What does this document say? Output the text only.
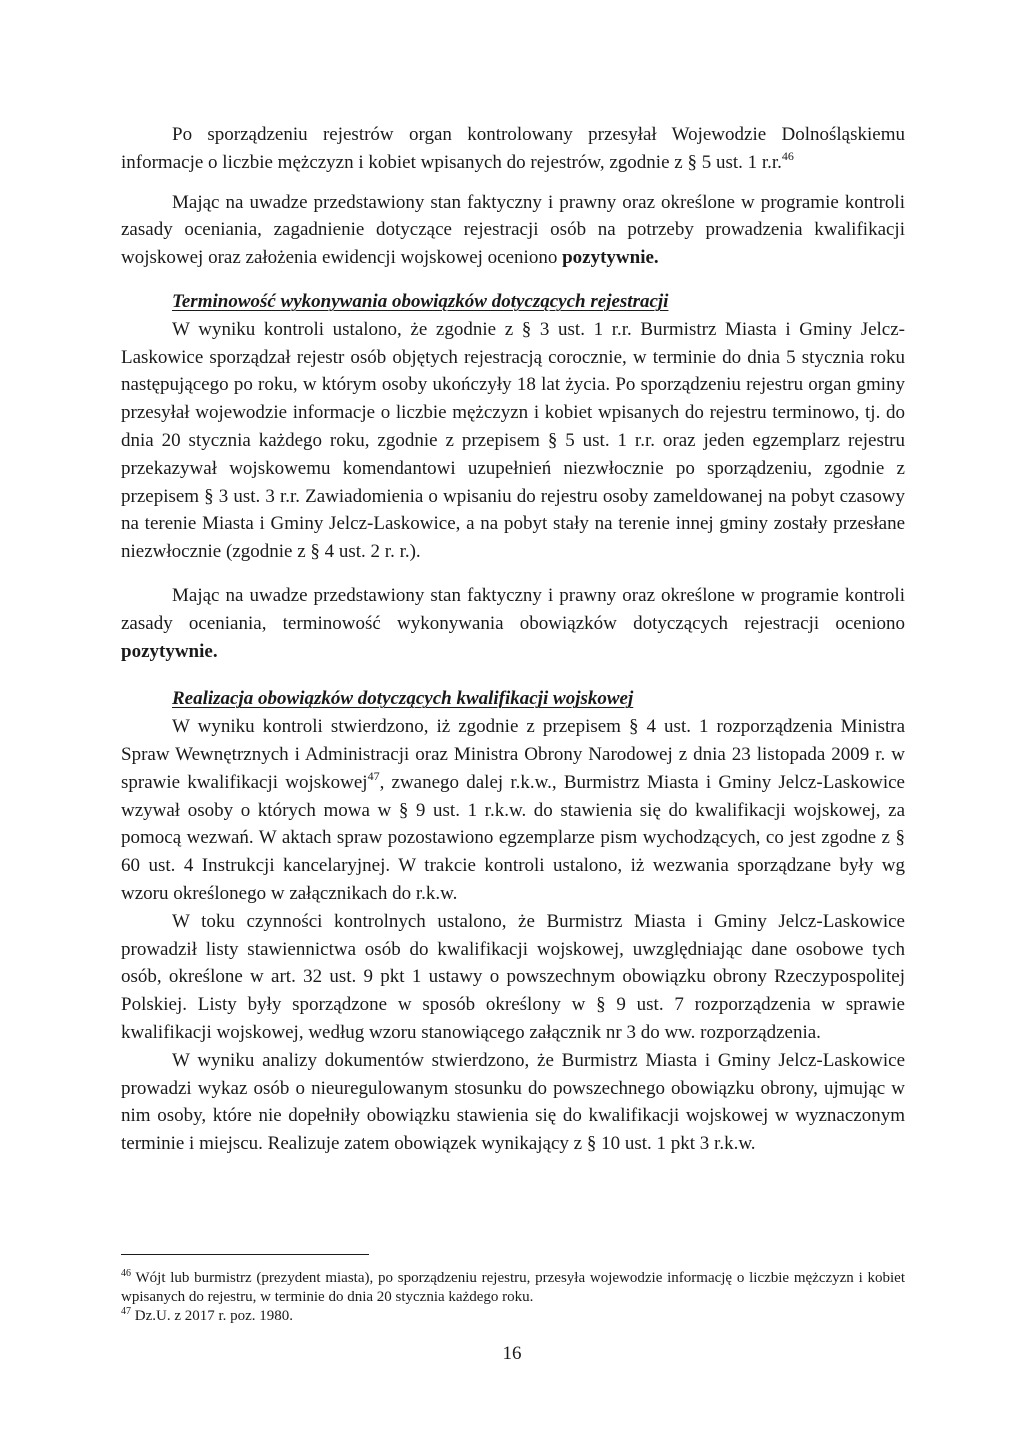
Po sporządzeniu rejestrów organ kontrolowany przesyłał Wojewodzie Dolnośląskiemu informacje o liczbie mężczyzn i kobiet wpisanych do rejestrów, zgodnie z § 5 ust. 1 r.r.$^{46}$

Mając na uwadze przedstawiony stan faktyczny i prawny oraz określone w programie kontroli zasady oceniania, zagadnienie dotyczące rejestracji osób na potrzeby prowadzenia kwalifikacji wojskowej oraz założenia ewidencji wojskowej oceniono pozytywnie.

Terminowość wykonywania obowiązków dotyczących rejestracji

W wyniku kontroli ustalono, że zgodnie z § 3 ust. 1 r.r. Burmistrz Miasta i Gminy Jelcz-Laskowice sporządzał rejestr osób objętych rejestracją corocznie, w terminie do dnia 5 stycznia roku następującego po roku, w którym osoby ukończyły 18 lat życia. Po sporządzeniu rejestru organ gminy przesyłał wojewodzie informacje o liczbie mężczyzn i kobiet wpisanych do rejestru terminowo, tj. do dnia 20 stycznia każdego roku, zgodnie z przepisem § 5 ust. 1 r.r. oraz jeden egzemplarz rejestru przekazywał wojskowemu komendantowi uzupełnień niezwłocznie po sporządzeniu, zgodnie z przepisem § 3 ust. 3 r.r. Zawiadomienia o wpisaniu do rejestru osoby zameldowanej na pobyt czasowy na terenie Miasta i Gminy Jelcz-Laskowice, a na pobyt stały na terenie innej gminy zostały przesłane niezwłocznie (zgodnie z § 4 ust. 2 r. r.).

Mając na uwadze przedstawiony stan faktyczny i prawny oraz określone w programie kontroli zasady oceniania, terminowość wykonywania obowiązków dotyczących rejestracji oceniono pozytywnie.

Realizacja obowiązków dotyczących kwalifikacji wojskowej

W wyniku kontroli stwierdzono, iż zgodnie z przepisem § 4 ust. 1 rozporządzenia Ministra Spraw Wewnętrznych i Administracji oraz Ministra Obrony Narodowej z dnia 23 listopada 2009 r. w sprawie kwalifikacji wojskowej$^{47}$, zwanego dalej r.k.w., Burmistrz Miasta i Gminy Jelcz-Laskowice wzywał osoby o których mowa w § 9 ust. 1 r.k.w. do stawienia się do kwalifikacji wojskowej, za pomocą wezwań. W aktach spraw pozostawiono egzemplarze pism wychodzących, co jest zgodne z § 60 ust. 4 Instrukcji kancelaryjnej. W trakcie kontroli ustalono, iż wezwania sporządzane były wg wzoru określonego w załącznikach do r.k.w.

W toku czynności kontrolnych ustalono, że Burmistrz Miasta i Gminy Jelcz-Laskowice prowadził listy stawiennictwa osób do kwalifikacji wojskowej, uwzględniając dane osobowe tych osób, określone w art. 32 ust. 9 pkt 1 ustawy o powszechnym obowiązku obrony Rzeczypospolitej Polskiej. Listy były sporządzone w sposób określony w § 9 ust. 7 rozporządzenia w sprawie kwalifikacji wojskowej, według wzoru stanowiącego załącznik nr 3 do ww. rozporządzenia.

W wyniku analizy dokumentów stwierdzono, że Burmistrz Miasta i Gminy Jelcz-Laskowice prowadzi wykaz osób o nieuregulowanym stosunku do powszechnego obowiązku obrony, ujmując w nim osoby, które nie dopełniły obowiązku stawienia się do kwalifikacji wojskowej w wyznaczonym terminie i miejscu. Realizuje zatem obowiązek wynikający z § 10 ust. 1 pkt 3 r.k.w.

$^{46}$ Wójt lub burmistrz (prezydent miasta), po sporządzeniu rejestru, przesyła wojewodzie informację o liczbie mężczyzn i kobiet wpisanych do rejestru, w terminie do dnia 20 stycznia każdego roku.
$^{47}$ Dz.U. z 2017 r. poz. 1980.
16
